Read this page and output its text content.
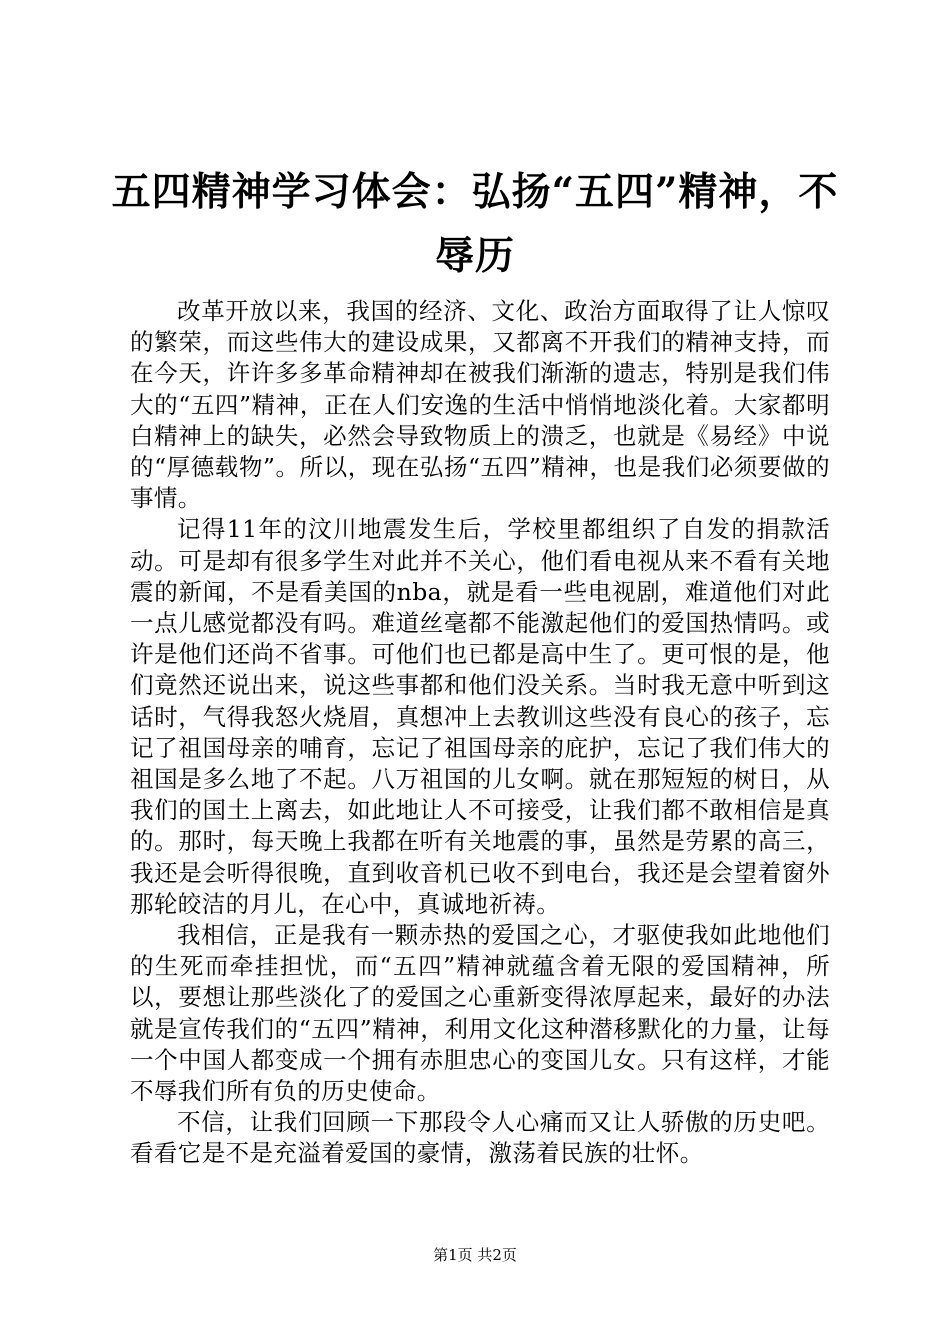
五四精神学习体会：弘扬“五四”精神，不辱历

改革开放以来，我国的经济、文化、政治方面取得了让人惊叹的繁荣，而这些伟大的建设成果，又都离不开我们的精神支持，而在今天，许许多多革命精神却在被我们渐渐的遗志，特别是我们伟大的“五四”精神，正在人们安逸的生活中悄悄地淡化着。大家都明白精神上的缺失，必然会导致物质上的溃乏，也就是《易经》中说的“厚德载物”。所以，现在弘扬“五四”精神，也是我们必须要做的事情。

记得11年的汶川地震发生后，学校里都组织了自发的捐款活动。可是却有很多学生对此并不关心，他们看电视从来不看有关地震的新闻，不是看美国的nba，就是看一些电视剧，难道他们对此一点儿感觉都没有吗。难道丝毫都不能激起他们的爱国热情吗。或许是他们还尚不省事。可他们也已都是高中生了。更可恨的是，他们竟然还说出来，说这些事都和他们没关系。当时我无意中听到这话时，气得我怒火烧眉，真想冲上去教训这些没有良心的孩子，忘记了祖国母亲的哺育，忘记了祖国母亲的庇护，忘记了我们伟大的祖国是多么地了不起。八万祖国的儿女啊。就在那短短的树日，从我们的国土上离去，如此地让人不可接受，让我们都不敢相信是真的。那时，每天晚上我都在听有关地震的事，虽然是劳累的高三，我还是会听得很晚，直到收音机已收不到电台，我还是会望着窗外那轮皎洁的月儿，在心中，真诚地祈祷。

我相信，正是我有一颗赤热的爱国之心，才驱使我如此地他们的生死而牵挂担忧，而“五四”精神就蕴含着无限的爱国精神，所以，要想让那些淡化了的爱国之心重新变得浓厚起来，最好的办法就是宣传我们的“五四”精神，利用文化这种潜移默化的力量，让每一个中国人都变成一个拥有赤胆忠心的变国儿女。只有这样，才能不辱我们所有负的历史使命。

不信，让我们回顾一下那段令人心痛而又让人骄傲的历史吧。看看它是不是充溢着爱国的豪情，激荡着民族的壮怀。

第1页 共2页
